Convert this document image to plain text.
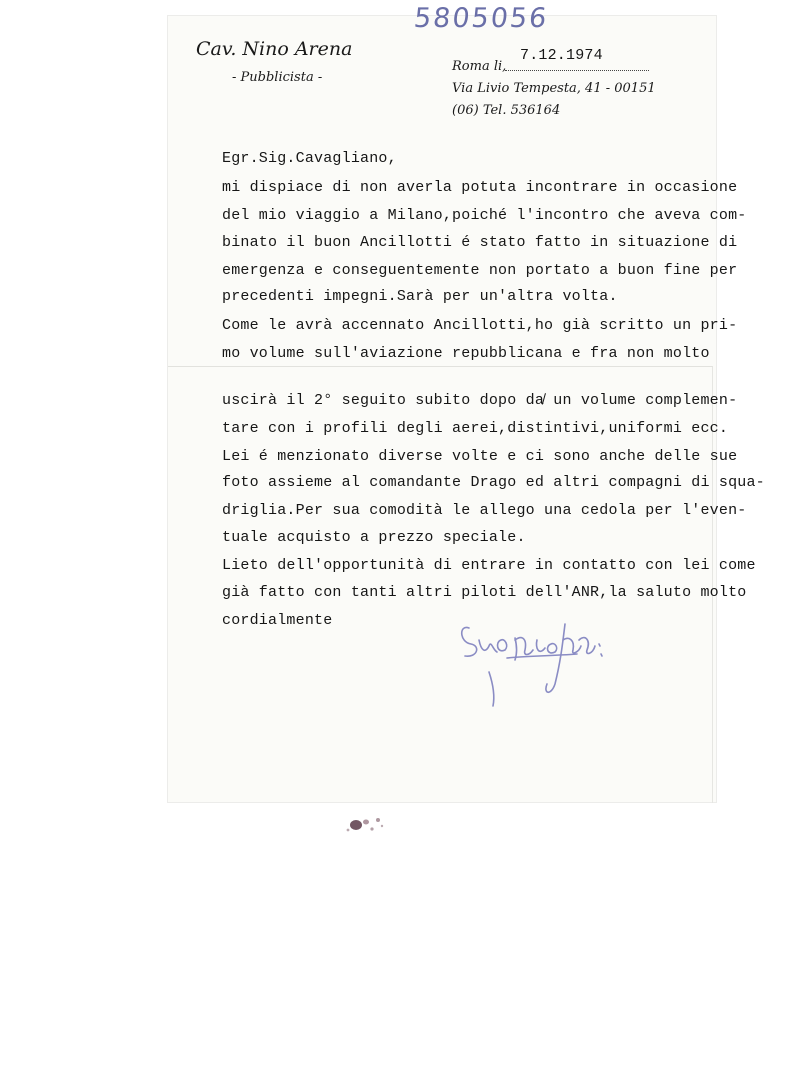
5805056
Cav. Nino Arena
- Pubblicista -
Roma li,
7.12.1974
Via Livio Tempesta, 41 - 00151
(06) Tel. 536164
Egr.Sig.Cavagliano,
mi dispiace di non averla potuta incontrare in occasione
del mio viaggio a Milano,poiché l'incontro che aveva com-
binato il buon Ancillotti é stato fatto in situazione di
emergenza e conseguentemente non portato a buon fine per
precedenti impegni.Sarà per un'altra volta.
Come le avrà accennato Ancillotti,ho già scritto un pri-
mo volume sull'aviazione repubblicana e fra non molto
uscirà il 2° seguito subito dopo da̸ un volume complemen-
tare con i profili degli aerei,distintivi,uniformi ecc.
Lei é menzionato diverse volte e ci sono anche delle sue
foto assieme al comandante Drago ed altri compagni di squa-
driglia.Per sua comodità le allego una cedola per l'even-
tuale acquisto a prezzo speciale.
Lieto dell'opportunità di entrare in contatto con lei come
già fatto con tanti altri piloti dell'ANR,la saluto molto
cordialmente
